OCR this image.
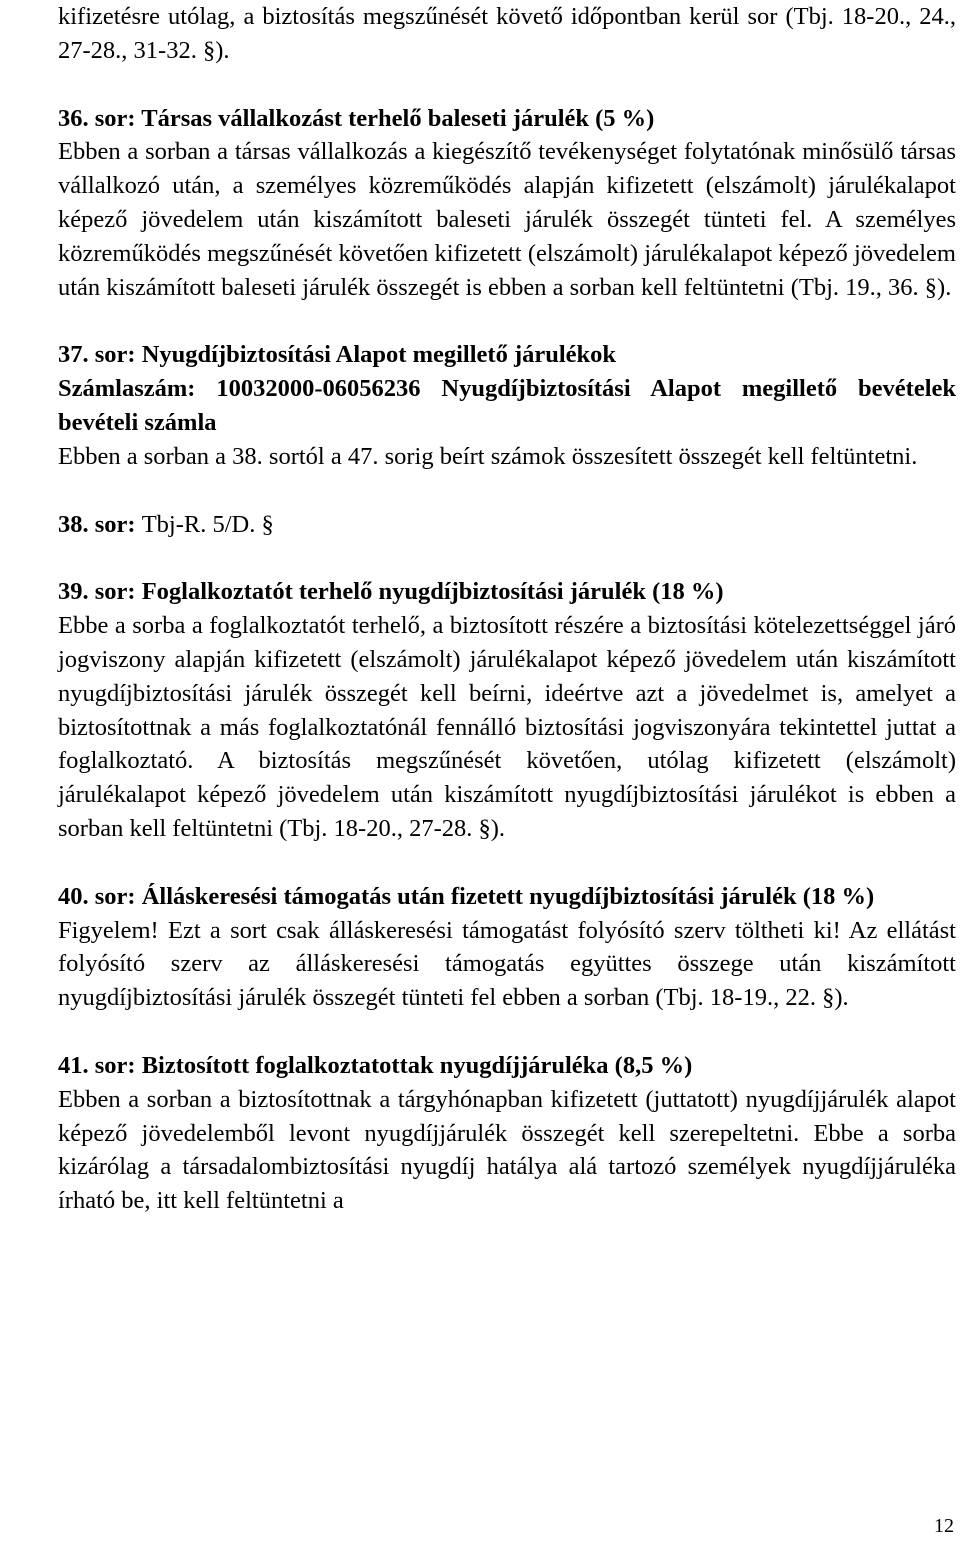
kifizetésre utólag, a biztosítás megszűnését követő időpontban kerül sor (Tbj. 18-20., 24., 27-28., 31-32. §).

36. sor: Társas vállalkozást terhelő baleseti járulék (5 %)

Ebben a sorban a társas vállalkozás a kiegészítő tevékenységet folytatónak minősülő társas vállalkozó után, a személyes közreműködés alapján kifizetett (elszámolt) járulékalapot képező jövedelem után kiszámított baleseti járulék összegét tünteti fel. A személyes közreműködés megszűnését követően kifizetett (elszámolt) járulékalapot képező jövedelem után kiszámított baleseti járulék összegét is ebben a sorban kell feltüntetni (Tbj. 19., 36. §).

37. sor: Nyugdíjbiztosítási Alapot megillető járulékok

Számlaszám: 10032000-06056236 Nyugdíjbiztosítási Alapot megillető bevételek bevételi számla

Ebben a sorban a 38. sortól a 47. sorig beírt számok összesített összegét kell feltüntetni.

38. sor: Tbj-R. 5/D. §

39. sor: Foglalkoztatót terhelő nyugdíjbiztosítási járulék (18 %)

Ebbe a sorba a foglalkoztatót terhelő, a biztosított részére a biztosítási kötelezettséggel járó jogviszony alapján kifizetett (elszámolt) járulékalapot képező jövedelem után kiszámított nyugdíjbiztosítási járulék összegét kell beírni, ideértve azt a jövedelmet is, amelyet a biztosítottnak a más foglalkoztatónál fennálló biztosítási jogviszonyára tekintettel juttat a foglalkoztató. A biztosítás megszűnését követően, utólag kifizetett (elszámolt) járulékalapot képező jövedelem után kiszámított nyugdíjbiztosítási járulékot is ebben a sorban kell feltüntetni (Tbj. 18-20., 27-28. §).

40. sor: Álláskeresési támogatás után fizetett nyugdíjbiztosítási járulék (18 %)

Figyelem! Ezt a sort csak álláskeresési támogatást folyósító szerv töltheti ki! Az ellátást folyósító szerv az álláskeresési támogatás együttes összege után kiszámított nyugdíjbiztosítási járulék összegét tünteti fel ebben a sorban (Tbj. 18-19., 22. §).

41. sor: Biztosított foglalkoztatottak nyugdíjjáruléka (8,5 %)

Ebben a sorban a biztosítottnak a tárgyhónapban kifizetett (juttatott) nyugdíjjárulék alapot képező jövedelemből levont nyugdíjjárulék összegét kell szerepeltetni. Ebbe a sorba kizárólag a társadalombiztosítási nyugdíj hatálya alá tartozó személyek nyugdíjjáruléka írható be, itt kell feltüntetni a

12
